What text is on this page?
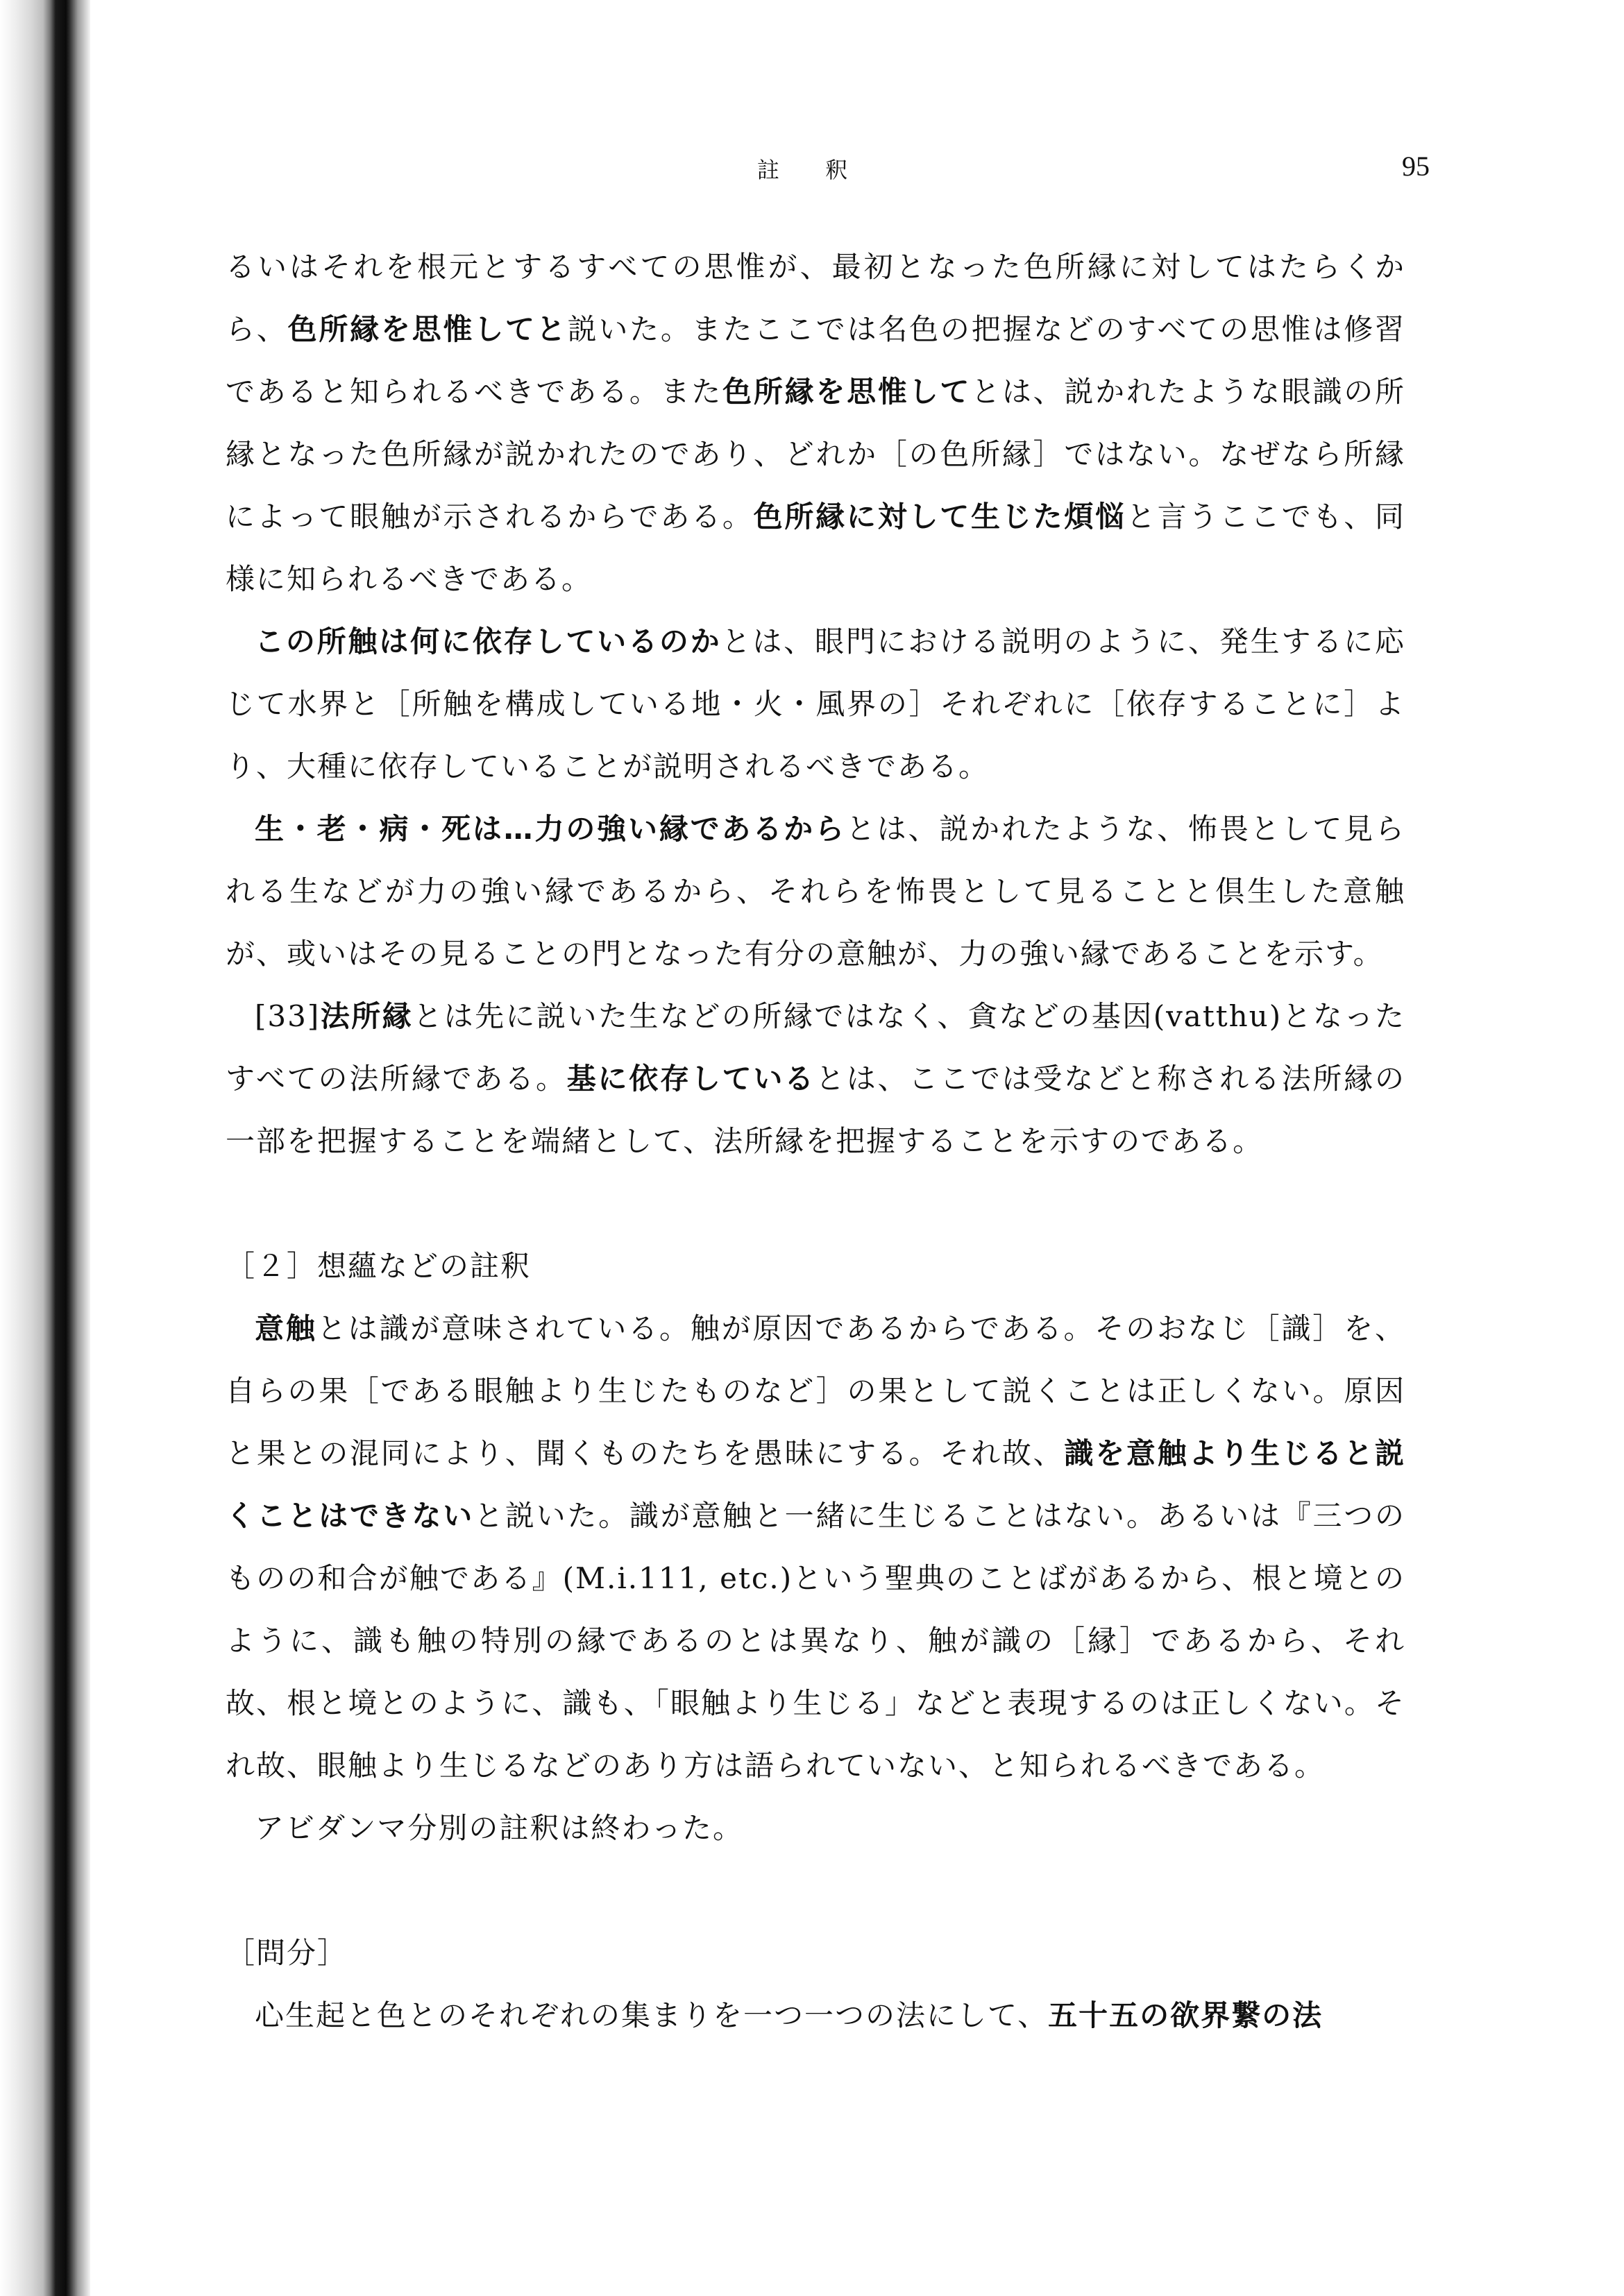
註 釈	95

るいはそれを根元とするすべての思惟が、最初となった色所縁に対してはたらくから、色所縁を思惟してと説いた。またここでは名色の把握などのすべての思惟は修習であると知られるべきである。また色所縁を思惟してとは、説かれたような眼識の所縁となった色所縁が説かれたのであり、どれか［の色所縁］ではない。なぜなら所縁によって眼触が示されるからである。色所縁に対して生じた煩悩と言うここでも、同様に知られるべきである。

この所触は何に依存しているのかとは、眼門における説明のように、発生するに応じて水界と［所触を構成している地・火・風界の］それぞれに［依存することに］より、大種に依存していることが説明されるべきである。

生・老・病・死は…力の強い縁であるからとは、説かれたような、怖畏として見られる生などが力の強い縁であるから、それらを怖畏として見ることと倶生した意触が、或いはその見ることの門となった有分の意触が、力の強い縁であることを示す。

[33]法所縁とは先に説いた生などの所縁ではなく、貪などの基因(vatthu)となったすべての法所縁である。基に依存しているとは、ここでは受などと称される法所縁の一部を把握することを端緒として、法所縁を把握することを示すのである。

［２］想蘊などの註釈

意触とは識が意味されている。触が原因であるからである。そのおなじ［識］を、自らの果［である眼触より生じたものなど］の果として説くことは正しくない。原因と果との混同により、聞くものたちを愚昧にする。それ故、識を意触より生じると説くことはできないと説いた。識が意触と一緒に生じることはない。あるいは『三つのものの和合が触である』(M.i.111, etc.)という聖典のことばがあるから、根と境とのように、識も触の特別の縁であるのとは異なり、触が識の［縁］であるから、それ故、根と境とのように、識も、「眼触より生じる」などと表現するのは正しくない。それ故、眼触より生じるなどのあり方は語られていない、と知られるべきである。

アビダンマ分別の註釈は終わった。

［問分］

心生起と色とのそれぞれの集まりを一つ一つの法にして、五十五の欲界繋の法
